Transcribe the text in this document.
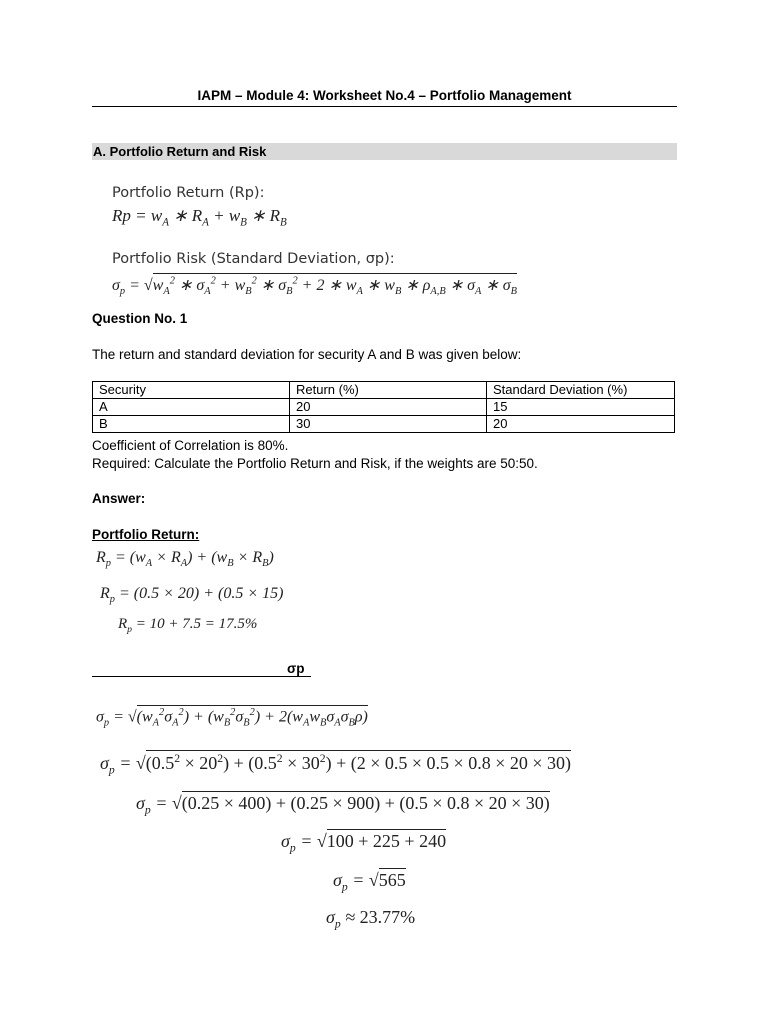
IAPM – Module 4: Worksheet No.4 – Portfolio Management
A. Portfolio Return and Risk
Portfolio Return (Rp):
$Rp = w_A$ ∗ $R_A + w_B$ ∗ $R_B$
Portfolio Risk (Standard Deviation, σp):
$\sigma_p = √w_A^2$ ∗ $\sigma_A^2 + w_B^2$ ∗ $\sigma_B^2 + 2$ ∗ $w_A$ ∗ $w_B$ ∗ $\rho_{A,B}$ ∗ $\sigma_A$ ∗ $\sigma_B$
Question No. 1
The return and standard deviation for security A and B was given below:
Security	Return (%)	Standard Deviation (%)
A	20	15
B	30	20
Coefficient of Correlation is 80%.
Required: Calculate the Portfolio Return and Risk, if the weights are 50:50.
Answer:
Portfolio Return:
$R_p = (w_A \times R_A) + (w_B \times R_B)$
$R_p = (0.5 \times 20) + (0.5 \times 15)$
$R_p = 10 + 7.5 = 17.5\%$
σp
$\sigma_p = √(w_A^2\sigma_A^2) + (w_B^2\sigma_B^2) + 2(w_Aw_B\sigma_A\sigma_B\rho)$
$\sigma_p = √(0.5^2 \times 20^2) + (0.5^2 \times 30^2) + (2 \times 0.5 \times 0.5 \times 0.8 \times 20 \times 30)$
$\sigma_p = √(0.25 \times 400) + (0.25 \times 900) + (0.5 \times 0.8 \times 20 \times 30)$
$\sigma_p = √100 + 225 + 240$
$\sigma_p = √565$
$\sigma_p \approx 23.77\%$
